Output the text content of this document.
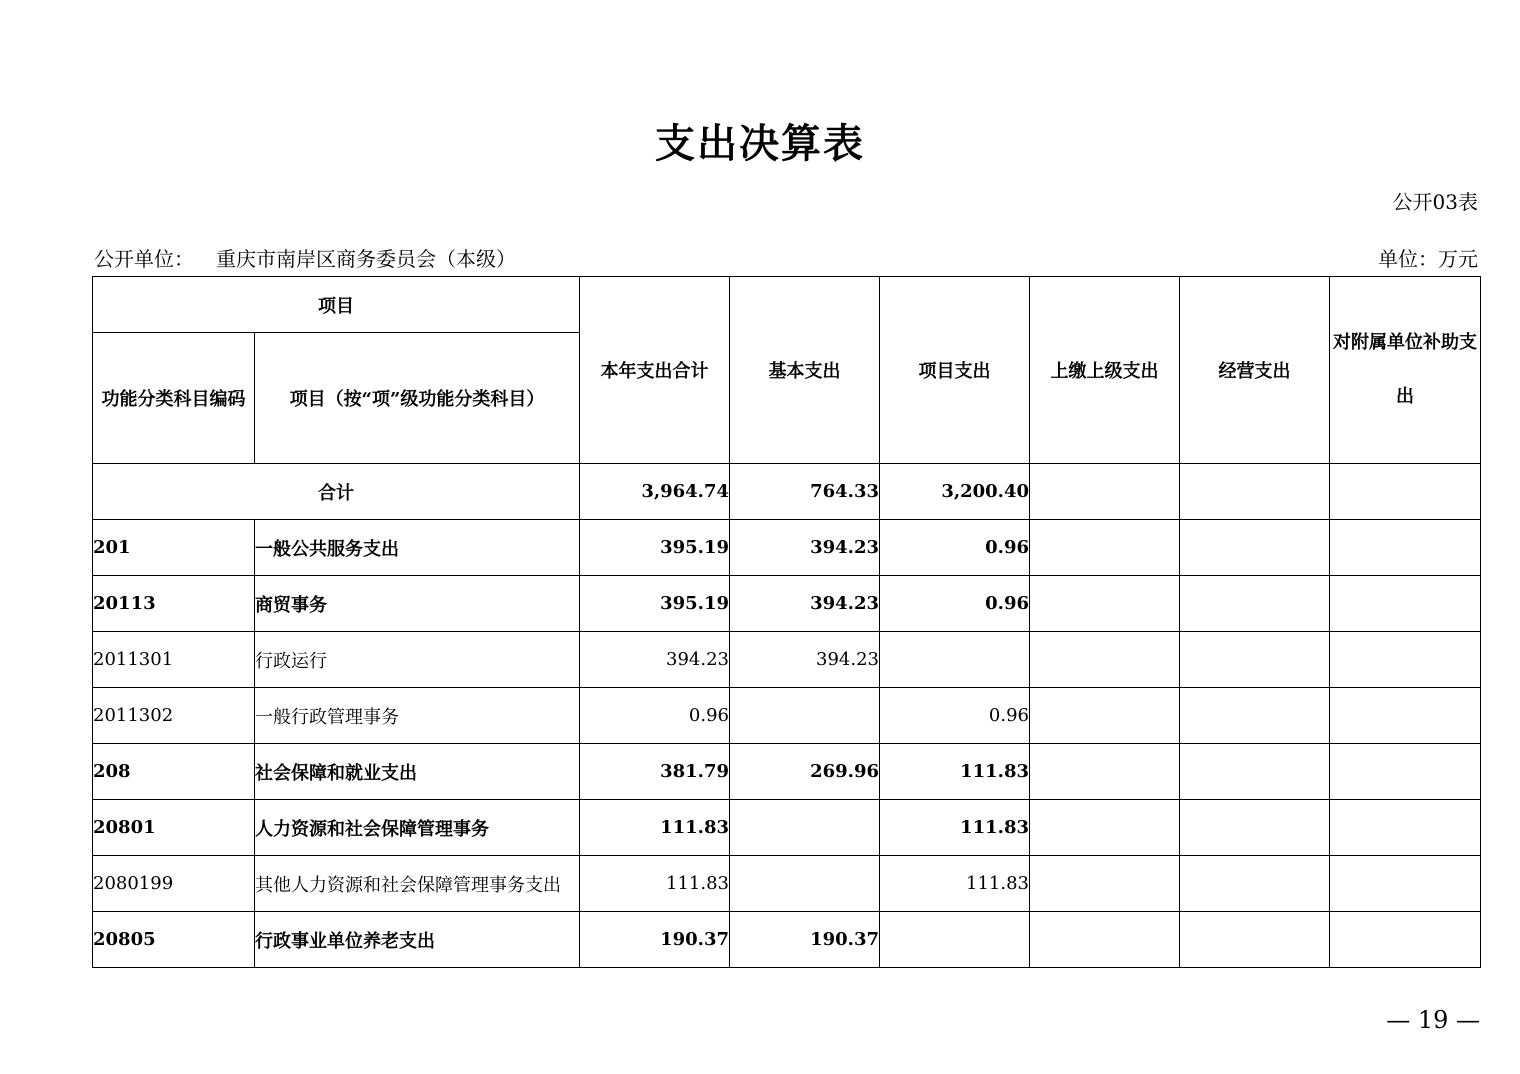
支出决算表
公开03表
公开单位： 重庆市南岸区商务委员会（本级）	单位：万元
项目		本年支出合计	基本支出	项目支出	上缴上级支出	经营支出	对附属单位补助支出
功能分类科目编码	项目（按“项”级功能分类科目）						
合计		3,964.74	764.33	3,200.40			
201	一般公共服务支出	395.19	394.23	0.96			
20113	商贸事务	395.19	394.23	0.96			
2011301	行政运行	394.23	394.23				
2011302	一般行政管理事务	0.96		0.96			
208	社会保障和就业支出	381.79	269.96	111.83			
20801	人力资源和社会保障管理事务	111.83		111.83			
2080199	其他人力资源和社会保障管理事务支出	111.83		111.83			
20805	行政事业单位养老支出	190.37	190.37				
— 19 —
